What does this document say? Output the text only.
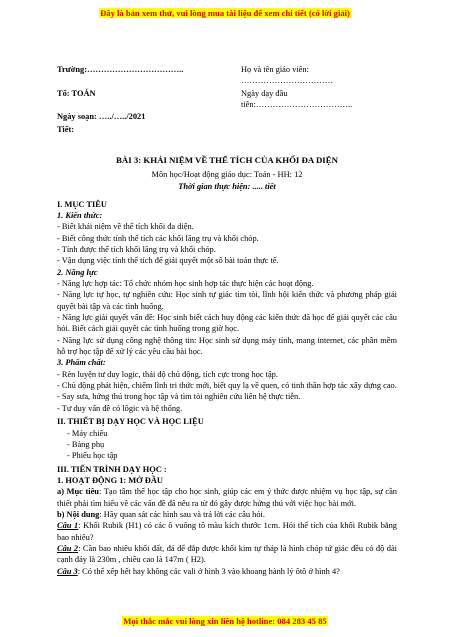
Đây là bản xem thử, vui lòng mua tài liệu để xem chi tiết (có lời giải)
Trường:……………………………..	Họ và tên giáo viên: ……………………………
Tổ: TOÁN	Ngày dạy đầu tiên:……………………………..
Ngày soạn: …../…../2021
Tiết:
BÀI 3: KHÁI NIỆM VỀ THỂ TÍCH CỦA KHỐI ĐA DIỆN
Môn học/Hoạt động giáo dục: Toán - HH: 12
Thời gian thực hiện: ..... tiết
I. MỤC TIÊU
1. Kiến thức:

- Biết khái niệm về thể tích khối đa diện.

- Biết công thức tính thể tích các khối lăng trụ và khối chóp.

- Tính được thể tích khối lăng trụ và khối chóp.

- Vận dụng việc tính thể tích để giải quyết một số bài toán thực tế.

2. Năng lực

- Năng lực hợp tác: Tổ chức nhóm học sinh hợp tác thực hiện các hoạt động.

- Năng lực tự học, tự nghiên cứu: Học sinh tự giác tìm tòi, lĩnh hội kiến thức và phương pháp giải quyết bài tập và các tình huống.

- Năng lực giải quyết vấn đề: Học sinh biết cách huy động các kiến thức đã học để giải quyết các câu hỏi. Biết cách giải quyết các tình huống trong giờ học.

- Năng lực sử dụng công nghệ thông tin: Học sinh sử dụng máy tính, mang internet, các phần mềm hỗ trợ học tập để xử lý các yêu cầu bài học.

3. Phẩm chất:

- Rèn luyện tư duy logic, thái độ chủ động, tích cực trong học tập.

- Chủ động phát hiện, chiếm lĩnh tri thức mới, biết quy lạ về quen, có tinh thần hợp tác xây dựng cao.

- Say sưa, hứng thú trong học tập và tìm tòi nghiên cứu liên hệ thực tiễn.

- Tư duy vấn đề có lôgic và hệ thống.

II. THIẾT BỊ DẠY HỌC VÀ HỌC LIỆU

- Máy chiếu

- Bảng phụ

- Phiếu học tập

III. TIẾN TRÌNH DẠY HỌC :
1. HOẠT ĐỘNG 1: MỞ ĐẦU

a) Mục tiêu: Tạo tâm thế học tập cho học sinh, giúp các em ý thức được nhiệm vụ học tập, sự cần thiết phải tìm hiểu về các vấn đề đã nêu ra từ đó gây được hứng thú với việc học bài mới.

b) Nội dung: Hãy quan sát các hình sau và trả lời các câu hỏi.

Câu 1: Khối Rubik (H1) có các ô vuông tô màu kích thước 1cm. Hỏi thể tích của khối Rubik bằng bao nhiêu?

Câu 2: Cần bao nhiêu khối đất, đá để đắp được khối kim tự tháp là hình chóp tứ giác đều có độ dài cạnh đáy là 230m , chiều cao là 147m ( H2).

Câu 3: Có thể xếp hết hay không các vali ở hình 3 vào khoang hành lý ôtô ở hình 4?

Mọi thắc mắc vui lòng xin liên hệ hotline: 084 283 45 85
